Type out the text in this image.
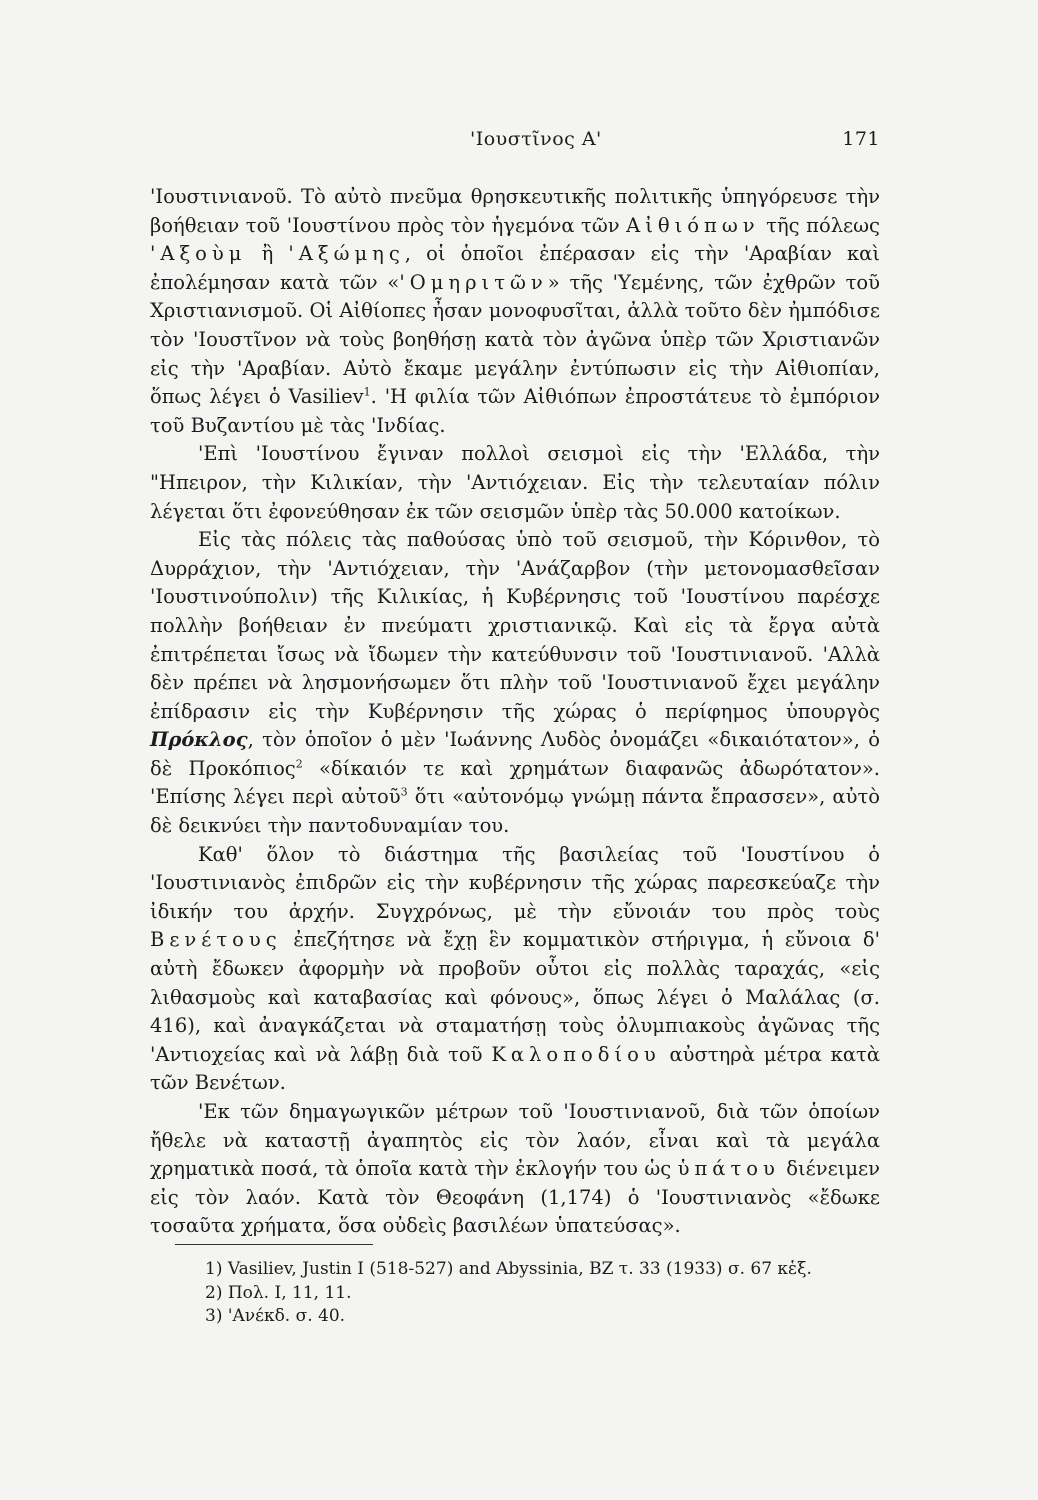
'Ιουστῖνος Α'	171

'Ιουστινιανοῦ. Τὸ αὐτὸ πνεῦμα θρησκευτικῆς πολιτικῆς ὑπηγόρευσε τὴν βοήθειαν τοῦ 'Ιουστίνου πρὸς τὸν ἡγεμόνα τῶν Αἰθιόπων τῆς πόλεως 'Αξοὺμ ἢ 'Αξώμης, οἱ ὁποῖοι ἐπέρασαν εἰς τὴν 'Αραβίαν καὶ ἐπολέμησαν κατὰ τῶν «'Ομηριτῶν» τῆς 'Υεμένης, τῶν ἐχθρῶν τοῦ Χριστιανισμοῦ. Οἱ Αἰθίοπες ἦσαν μονοφυσῖται, ἀλλὰ τοῦτο δὲν ἠμπόδισε τὸν 'Ιουστῖνον νὰ τοὺς βοηθήσῃ κατὰ τὸν ἀγῶνα ὑπὲρ τῶν Χριστιανῶν εἰς τὴν 'Αραβίαν. Αὐτὸ ἔκαμε μεγάλην ἐντύπωσιν εἰς τὴν Αἰθιοπίαν, ὅπως λέγει ὁ Vasiliev$^1$. 'Η φιλία τῶν Αἰθιόπων ἐπροστάτευε τὸ ἐμπόριον τοῦ Βυζαντίου μὲ τὰς 'Ινδίας.

'Επὶ 'Ιουστίνου ἔγιναν πολλοὶ σεισμοὶ εἰς τὴν 'Ελλάδα, τὴν "Ηπειρον, τὴν Κιλικίαν, τὴν 'Αντιόχειαν. Εἰς τὴν τελευταίαν πόλιν λέγεται ὅτι ἐφονεύθησαν ἐκ τῶν σεισμῶν ὑπὲρ τὰς 50.000 κατοίκων.

Εἰς τὰς πόλεις τὰς παθούσας ὑπὸ τοῦ σεισμοῦ, τὴν Κόρινθον, τὸ Δυρράχιον, τὴν 'Αντιόχειαν, τὴν 'Ανάζαρβον (τὴν μετονομασθεῖσαν 'Ιουστινούπολιν) τῆς Κιλικίας, ἡ Κυβέρνησις τοῦ 'Ιουστίνου παρέσχε πολλὴν βοήθειαν ἐν πνεύματι χριστιανικῷ. Καὶ εἰς τὰ ἔργα αὐτὰ ἐπιτρέπεται ἴσως νὰ ἴδωμεν τὴν κατεύθυνσιν τοῦ 'Ιουστινιανοῦ. 'Αλλὰ δὲν πρέπει νὰ λησμονήσωμεν ὅτι πλὴν τοῦ 'Ιουστινιανοῦ ἔχει μεγάλην ἐπίδρασιν εἰς τὴν Κυβέρνησιν τῆς χώρας ὁ περίφημος ὑπουργὸς Πρόκλος, τὸν ὁποῖον ὁ μὲν 'Ιωάννης Λυδὸς ὀνομάζει «δικαιότατον», ὁ δὲ Προκόπιος$^2$ «δίκαιόν τε καὶ χρημάτων διαφανῶς ἀδωρότατον». 'Επίσης λέγει περὶ αὐτοῦ$^3$ ὅτι «αὐτονόμῳ γνώμῃ πάντα ἔπρασσεν», αὐτὸ δὲ δεικνύει τὴν παντοδυναμίαν του.

Καθ' ὅλον τὸ διάστημα τῆς βασιλείας τοῦ 'Ιουστίνου ὁ 'Ιουστινιανὸς ἐπιδρῶν εἰς τὴν κυβέρνησιν τῆς χώρας παρεσκεύαζε τὴν ἰδικήν του ἀρχήν. Συγχρόνως, μὲ τὴν εὔνοιάν του πρὸς τοὺς Βενέτους ἐπεζήτησε νὰ ἔχῃ ἓν κομματικὸν στήριγμα, ἡ εὔνοια δ' αὐτὴ ἔδωκεν ἀφορμὴν νὰ προβοῦν οὗτοι εἰς πολλὰς ταραχάς, «εἰς λιθασμοὺς καὶ καταβασίας καὶ φόνους», ὅπως λέγει ὁ Μαλάλας (σ. 416), καὶ ἀναγκάζεται νὰ σταματήσῃ τοὺς ὀλυμπιακοὺς ἀγῶνας τῆς 'Αντιοχείας καὶ νὰ λάβῃ διὰ τοῦ Καλοποδίου αὐστηρὰ μέτρα κατὰ τῶν Βενέτων.

'Εκ τῶν δημαγωγικῶν μέτρων τοῦ 'Ιουστινιανοῦ, διὰ τῶν ὁποίων ἤθελε νὰ καταστῇ ἀγαπητὸς εἰς τὸν λαόν, εἶναι καὶ τὰ μεγάλα χρηματικὰ ποσά, τὰ ὁποῖα κατὰ τὴν ἐκλογήν του ὡς ὑπάτου διένειμεν εἰς τὸν λαόν. Κατὰ τὸν Θεοφάνη (1,174) ὁ 'Ιουστινιανὸς «ἔδωκε τοσαῦτα χρήματα, ὅσα οὐδεὶς βασιλέων ὑπατεύσας».

1) Vasiliev, Justin I (518-527) and Abyssinia, BZ τ. 33 (1933) σ. 67 κἑξ.
2) Πολ. I, 11, 11.
3) 'Ανέκδ. σ. 40.
